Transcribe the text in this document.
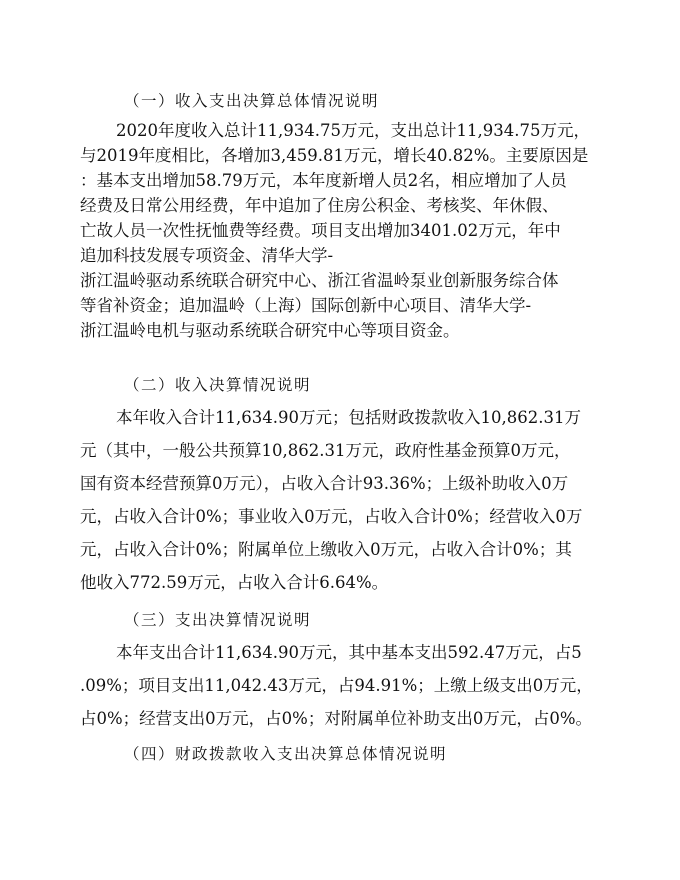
（一）收入支出决算总体情况说明
2020年度收入总计11,934.75万元，支出总计11,934.75万元，
与2019年度相比，各增加3,459.81万元，增长40.82%。主要原因是
：基本支出增加58.79万元，本年度新增人员2名，相应增加了人员
经费及日常公用经费，年中追加了住房公积金、考核奖、年休假、
亡故人员一次性抚恤费等经费。项目支出增加3401.02万元，年中
追加科技发展专项资金、清华大学-
浙江温岭驱动系统联合研究中心、浙江省温岭泵业创新服务综合体
等省补资金；追加温岭（上海）国际创新中心项目、清华大学-
浙江温岭电机与驱动系统联合研究中心等项目资金。
（二）收入决算情况说明
本年收入合计11,634.90万元；包括财政拨款收入10,862.31万
元（其中，一般公共预算10,862.31万元，政府性基金预算0万元，
国有资本经营预算0万元），占收入合计93.36%；上级补助收入0万
元，占收入合计0%；事业收入0万元，占收入合计0%；经营收入0万
元，占收入合计0%；附属单位上缴收入0万元，占收入合计0%；其
他收入772.59万元，占收入合计6.64%。
（三）支出决算情况说明
本年支出合计11,634.90万元，其中基本支出592.47万元，占5
.09%；项目支出11,042.43万元，占94.91%；上缴上级支出0万元，
占0%；经营支出0万元，占0%；对附属单位补助支出0万元，占0%。
（四）财政拨款收入支出决算总体情况说明
